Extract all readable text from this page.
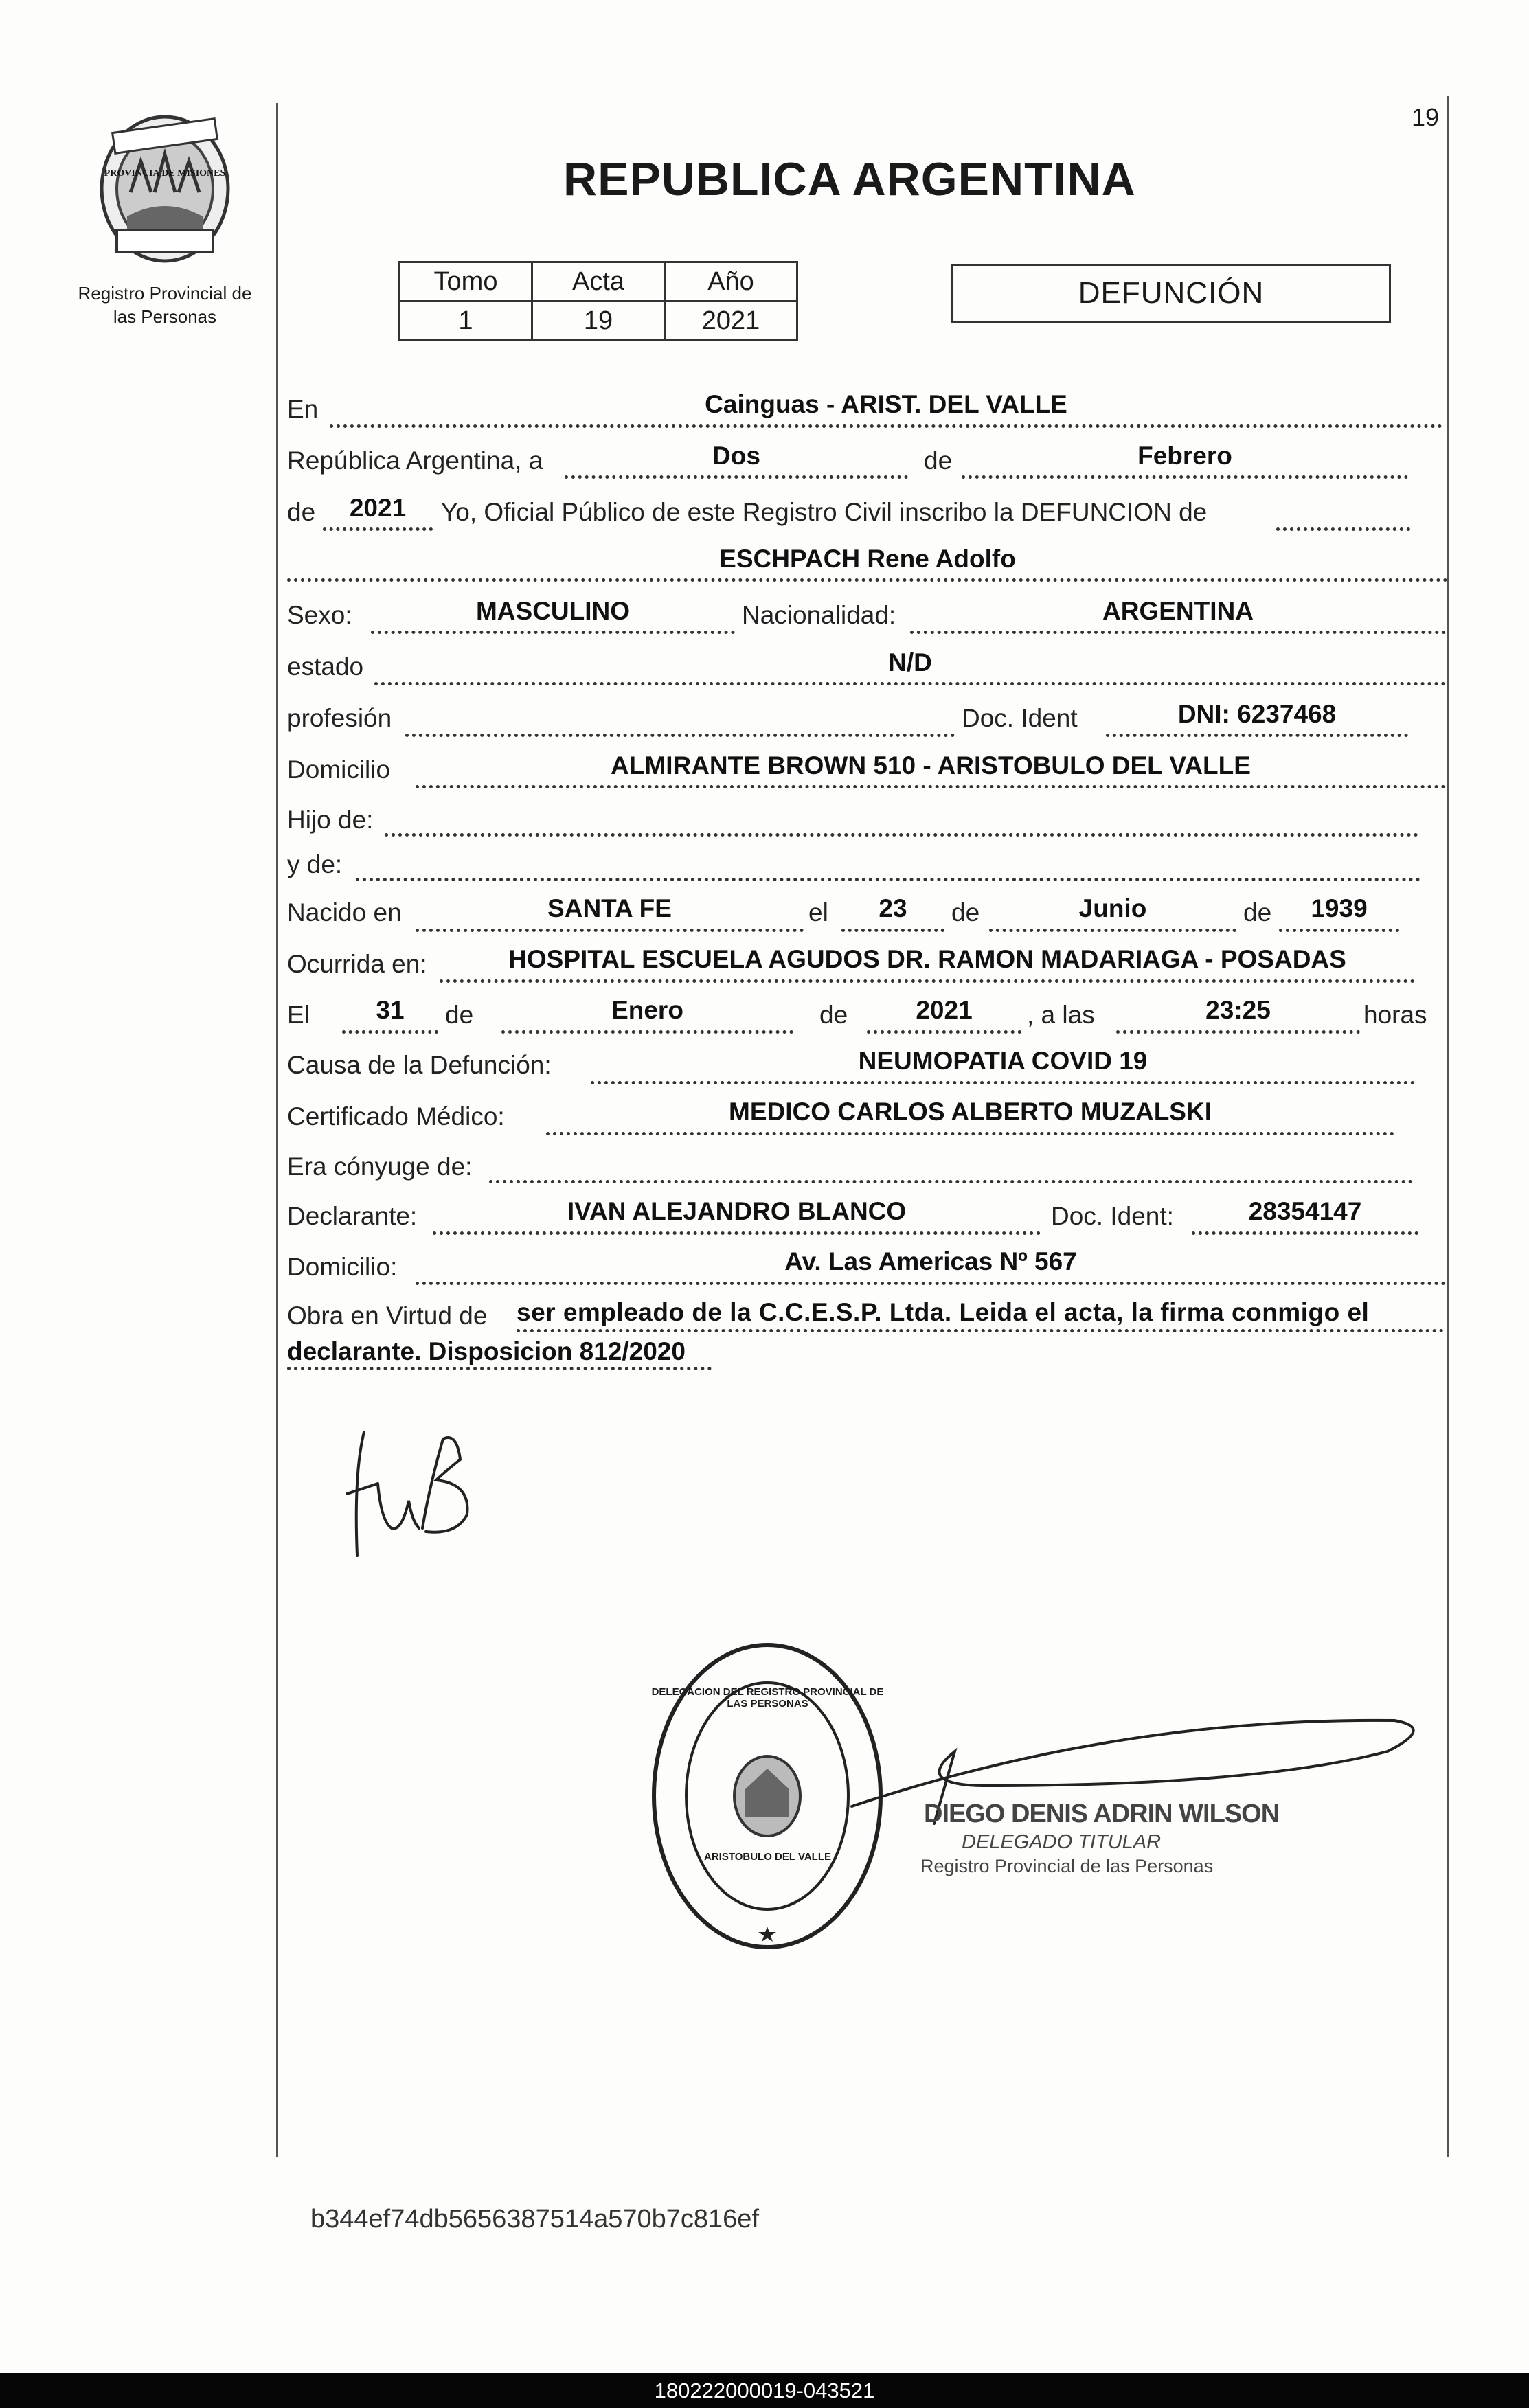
PROVINCIA DE MISIONES
Registro Provincial de las Personas
19
REPUBLICA ARGENTINA
Tomo	Acta	Año
1	19	2021
DEFUNCIÓN
En	Cainguas - ARIST. DEL VALLE
República Argentina, a	Dos	de	Febrero
de	2021	Yo, Oficial Público de este Registro Civil inscribo la DEFUNCION de
ESCHPACH Rene Adolfo
Sexo:	MASCULINO	Nacionalidad:	ARGENTINA
estado	N/D
profesión	Doc. Ident	DNI: 6237468
Domicilio	ALMIRANTE BROWN 510 - ARISTOBULO DEL VALLE
Hijo de:
y de:
Nacido en	SANTA FE	el	23	de	Junio	de	1939
Ocurrida en:	HOSPITAL ESCUELA AGUDOS DR. RAMON MADARIAGA - POSADAS
El	31	de	Enero	de	2021	, a las	23:25	horas
Causa de la Defunción:	NEUMOPATIA COVID 19
Certificado Médico:	MEDICO CARLOS ALBERTO MUZALSKI
Era cónyuge de:
Declarante:	IVAN ALEJANDRO BLANCO	Doc. Ident:	28354147
Domicilio:	Av. Las Americas Nº 567
Obra en Virtud de ser empleado de la C.C.E.S.P. Ltda. Leida el acta, la firma conmigo el
declarante. Disposicion 812/2020
DELEGACION DEL REGISTRO PROVINCIAL DE LAS PERSONAS
ARISTOBULO DEL VALLE
DIEGO DENIS ADRIN WILSON
DELEGADO TITULAR
Registro Provincial de las Personas
b344ef74db5656387514a570b7c816ef
180222000019-043521
